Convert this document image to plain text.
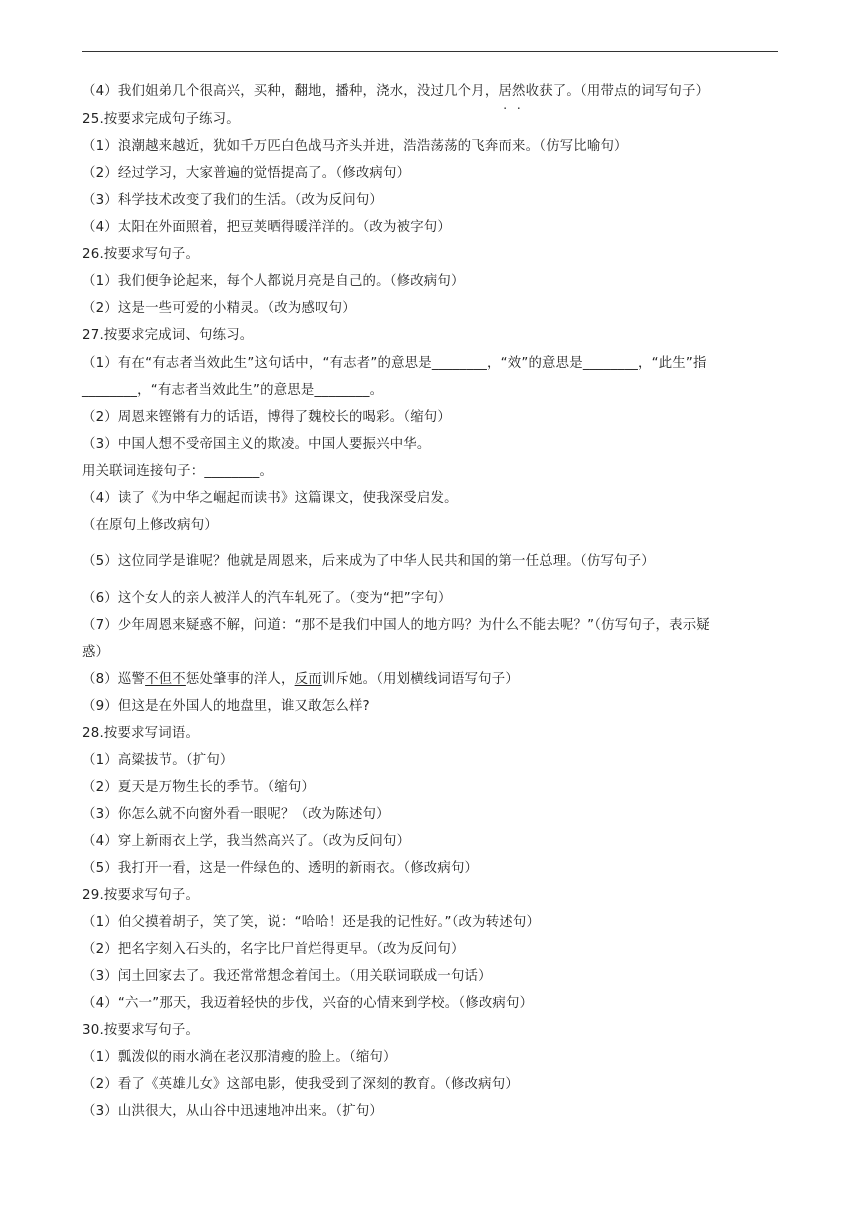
（4）我们姐弟几个很高兴，买种，翻地，播种，浇水，没过几个月，居然收获了。（用带点的词写句子）
25.按要求完成句子练习。
（1）浪潮越来越近，犹如千万匹白色战马齐头并进，浩浩荡荡的飞奔而来。（仿写比喻句）
（2）经过学习，大家普遍的觉悟提高了。（修改病句）
（3）科学技术改变了我们的生活。（改为反问句）
（4）太阳在外面照着，把豆荚晒得暖洋洋的。（改为被字句）
26.按要求写句子。
（1）我们便争论起来，每个人都说月亮是自己的。（修改病句）
（2）这是一些可爱的小精灵。（改为感叹句）
27.按要求完成词、句练习。
（1）有在“有志者当效此生”这句话中，“有志者”的意思是________，“效”的意思是________，“此生”指
________，“有志者当效此生”的意思是________。
（2）周恩来铿锵有力的话语，博得了魏校长的喝彩。（缩句）
（3）中国人想不受帝国主义的欺凌。中国人要振兴中华。
用关联词连接句子：________。
（4）读了《为中华之崛起而读书》这篇课文，使我深受启发。
（在原句上修改病句）
（5）这位同学是谁呢？他就是周恩来，后来成为了中华人民共和国的第一任总理。（仿写句子）
（6）这个女人的亲人被洋人的汽车轧死了。（变为“把”字句）
（7）少年周恩来疑惑不解，问道：“那不是我们中国人的地方吗？为什么不能去呢？”（仿写句子，表示疑
惑）
（8）巡警不但不惩处肇事的洋人，反而训斥她。（用划横线词语写句子）
（9）但这是在外国人的地盘里，谁又敢怎么样?
28.按要求写词语。
（1）高粱拔节。（扩句）
（2）夏天是万物生长的季节。（缩句）
（3）你怎么就不向窗外看一眼呢？（改为陈述句）
（4）穿上新雨衣上学，我当然高兴了。（改为反问句）
（5）我打开一看，这是一件绿色的、透明的新雨衣。（修改病句）
29.按要求写句子。
（1）伯父摸着胡子，笑了笑，说：“哈哈！还是我的记性好。”（改为转述句）
（2）把名字刻入石头的，名字比尸首烂得更早。（改为反问句）
（3）闰土回家去了。我还常常想念着闰土。（用关联词联成一句话）
（4）“六一”那天，我迈着轻快的步伐，兴奋的心情来到学校。（修改病句）
30.按要求写句子。
（1）瓢泼似的雨水淌在老汉那清瘦的脸上。（缩句）
（2）看了《英雄儿女》这部电影，使我受到了深刻的教育。（修改病句）
（3）山洪很大，从山谷中迅速地冲出来。（扩句）
